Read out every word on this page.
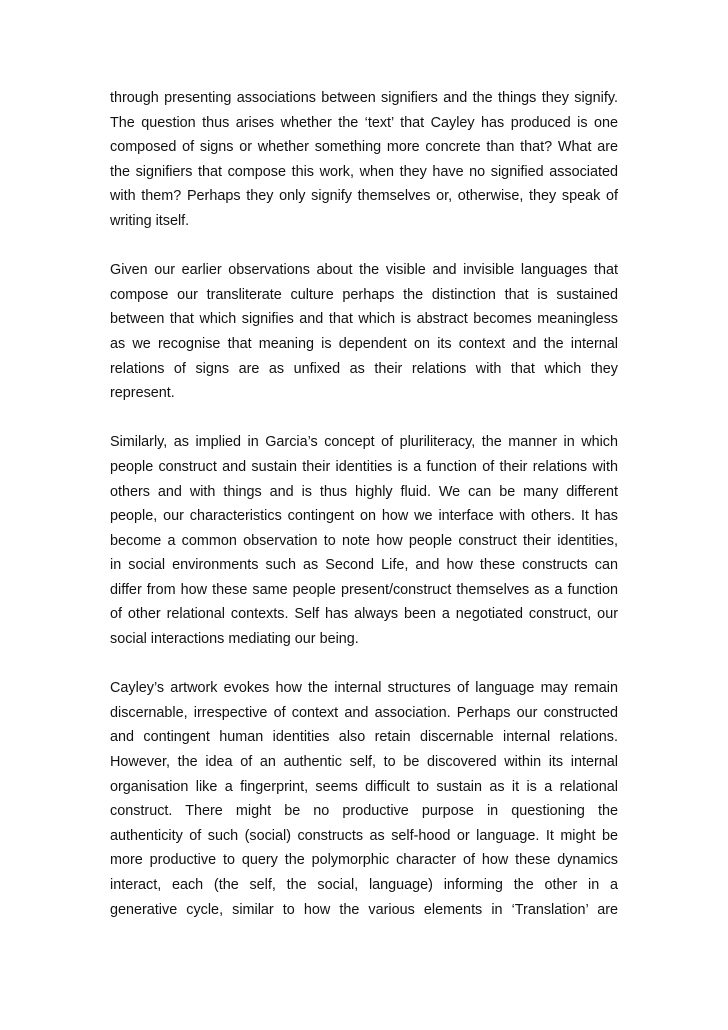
through presenting associations between signifiers and the things they signify.
The question thus arises whether the ‘text’ that Cayley has produced is one
composed of signs or whether something more concrete than that? What are
the signifiers that compose this work, when they have no signified associated
with them? Perhaps they only signify themselves or, otherwise, they speak of
writing itself.

Given our earlier observations about the visible and invisible languages that
compose our transliterate culture perhaps the distinction that is sustained
between that which signifies and that which is abstract becomes meaningless
as we recognise that meaning is dependent on its context and the internal
relations of signs are as unfixed as their relations with that which they
represent.

Similarly, as implied in Garcia’s concept of pluriliteracy, the manner in which
people construct and sustain their identities is a function of their relations with
others and with things and is thus highly fluid. We can be many different
people, our characteristics contingent on how we interface with others. It has
become a common observation to note how people construct their identities,
in social environments such as Second Life, and how these constructs can
differ from how these same people present/construct themselves as a function
of other relational contexts. Self has always been a negotiated construct, our
social interactions mediating our being.

Cayley’s artwork evokes how the internal structures of language may remain
discernable, irrespective of context and association. Perhaps our constructed
and contingent human identities also retain discernable internal relations.
However, the idea of an authentic self, to be discovered within its internal
organisation like a fingerprint, seems difficult to sustain as it is a relational
construct. There might be no productive purpose in questioning the
authenticity of such (social) constructs as self-hood or language. It might be
more productive to query the polymorphic character of how these dynamics
interact, each (the self, the social, language) informing the other in a
generative cycle, similar to how the various elements in ‘Translation’ are
